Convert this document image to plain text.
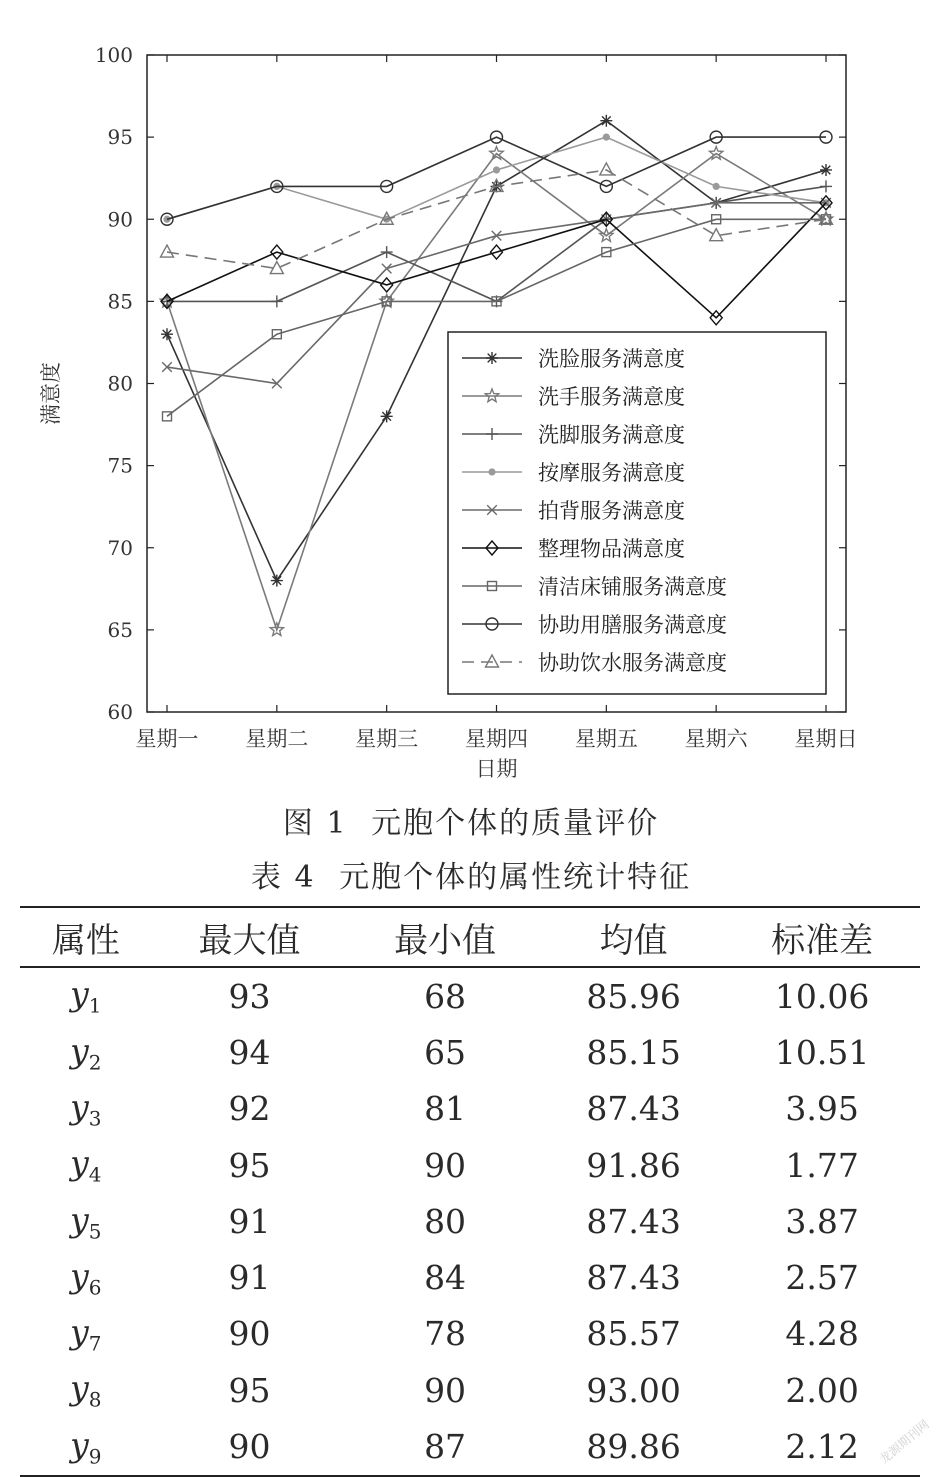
60
65
70
75
80
85
90
95
100
星期一 星期二 星期三 星期四 星期五 星期六 星期日
日期
满意度
洗脸服务满意度
洗手服务满意度
洗脚服务满意度
按摩服务满意度
拍背服务满意度
整理物品满意度
清洁床铺服务满意度
协助用膳服务满意度
协助饮水服务满意度
图 1 元胞个体的质量评价
表 4 元胞个体的属性统计特征
属性	最大值	最小值	均值	标准差
$y_1$	93	68	85.96	10.06
$y_2$	94	65	85.15	10.51
$y_3$	92	81	87.43	3.95
$y_4$	95	90	91.86	1.77
$y_5$	91	80	87.43	3.87
$y_6$	91	84	87.43	2.57
$y_7$	90	78	85.57	4.28
$y_8$	95	90	93.00	2.00
$y_9$	90	87	89.86	2.12 龙源期刊网
